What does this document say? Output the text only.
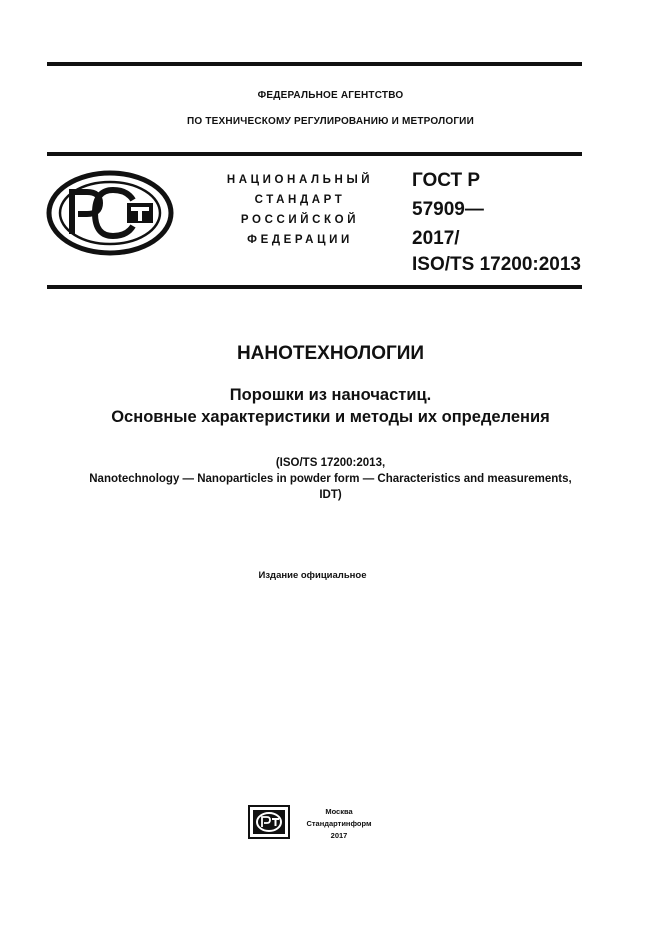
ФЕДЕРАЛЬНОЕ АГЕНТСТВО
ПО ТЕХНИЧЕСКОМУ РЕГУЛИРОВАНИЮ И МЕТРОЛОГИИ
НАЦИОНАЛЬНЫЙ
СТАНДАРТ
РОССИЙСКОЙ
ФЕДЕРАЦИИ
ГОСТ Р
57909—
2017/
ISO/TS 17200:2013
НАНОТЕХНОЛОГИИ
Порошки из наночастиц.
Основные характеристики и методы их определения
(ISO/TS 17200:2013,
Nanotechnology — Nanoparticles in powder form — Characteristics and measurements,
IDT)
Издание официальное
Москва
Стандартинформ
2017
